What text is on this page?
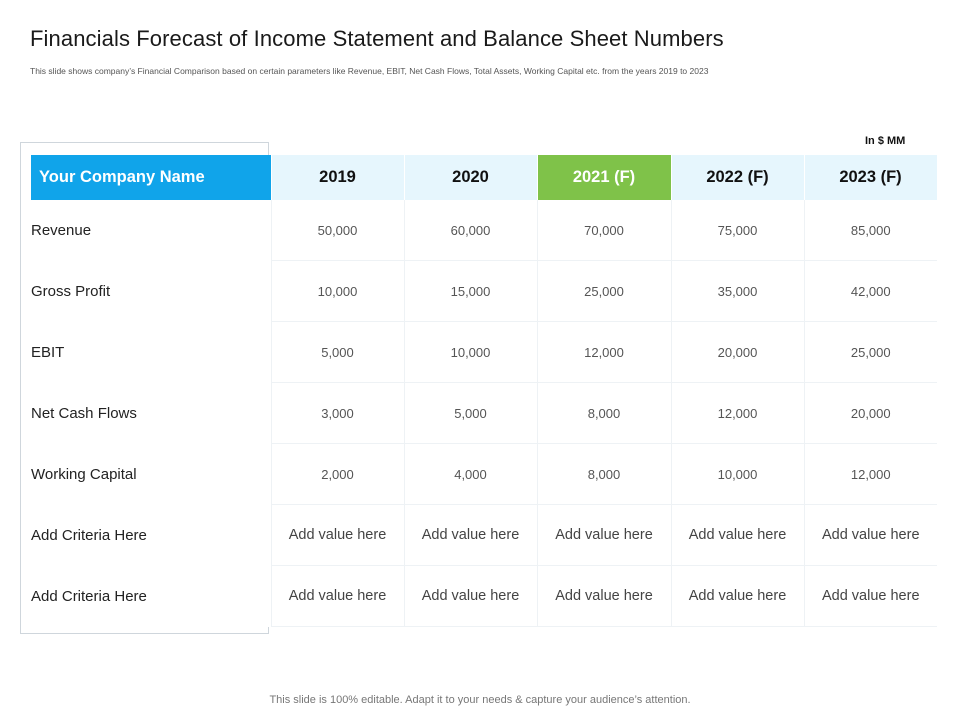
Financials Forecast of Income Statement and Balance Sheet Numbers
This slide shows company’s Financial Comparison based on certain parameters like Revenue, EBIT, Net Cash Flows, Total Assets, Working Capital etc. from the years 2019 to 2023
In $ MM
Your Company Name	2019	2020	2021 (F)	2022 (F)	2023 (F)
Revenue	50,000	60,000	70,000	75,000	85,000
Gross Profit	10,000	15,000	25,000	35,000	42,000
EBIT	5,000	10,000	12,000	20,000	25,000
Net Cash Flows	3,000	5,000	8,000	12,000	20,000
Working Capital	2,000	4,000	8,000	10,000	12,000
Add Criteria Here	Add value here	Add value here	Add value here	Add value here	Add value here
Add Criteria Here	Add value here	Add value here	Add value here	Add value here	Add value here
This slide is 100% editable. Adapt it to your needs & capture your audience’s attention.
